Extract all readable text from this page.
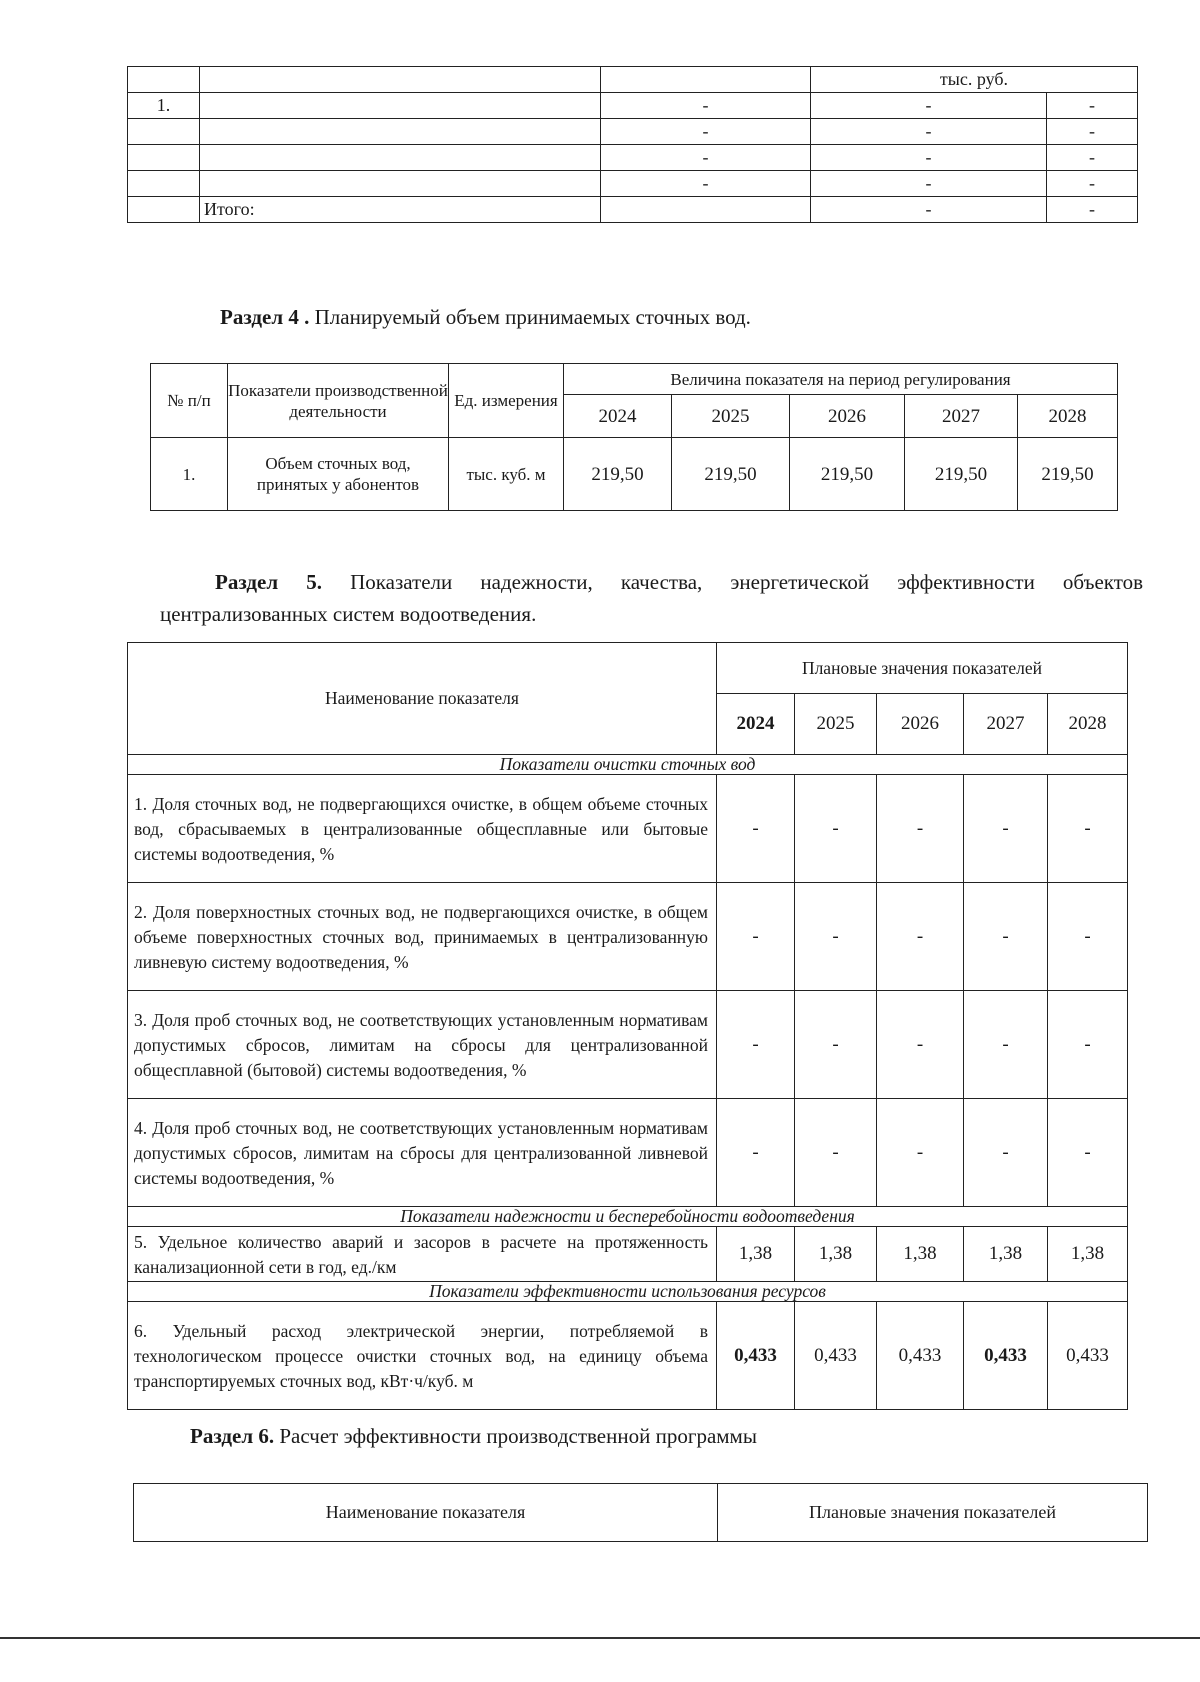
			тыс. руб.	
1.		-	-	-
		-	-	-
		-	-	-
		-	-	-
	Итого:		-	-
Раздел 4 . Планируемый объем принимаемых сточных вод.
№ п/п	Показатели производственной деятельности	Ед. измерения	Величина показателя на период регулирования				
			2024	2025	2026	2027	2028
1.	Объем сточных вод, принятых у абонентов	тыс. куб. м	219,50	219,50	219,50	219,50	219,50
Раздел 5. Показатели надежности, качества, энергетической эффективности объектов централизованных систем водоотведения.
Наименование показателя	Плановые значения показателей				
	2024	2025	2026	2027	2028
Показатели очистки сточных вод					
1. Доля сточных вод, не подвергающихся очистке, в общем объеме сточных вод, сбрасываемых в централизованные общесплавные или бытовые системы водоотведения, %	-	-	-	-	-
2. Доля поверхностных сточных вод, не подвергающихся очистке, в общем объеме поверхностных сточных вод, принимаемых в централизованную ливневую систему водоотведения, %	-	-	-	-	-
3. Доля проб сточных вод, не соответствующих установленным нормативам допустимых сбросов, лимитам на сбросы для централизованной общесплавной (бытовой) системы водоотведения, %	-	-	-	-	-
4. Доля проб сточных вод, не соответствующих установленным нормативам допустимых сбросов, лимитам на сбросы для централизованной ливневой системы водоотведения, %	-	-	-	-	-
Показатели надежности и бесперебойности водоотведения					
5. Удельное количество аварий и засоров в расчете на протяженность канализационной сети в год, ед./км	1,38	1,38	1,38	1,38	1,38
Показатели эффективности использования ресурсов					
6. Удельный расход электрической энергии, потребляемой в технологическом процессе очистки сточных вод, на единицу объема транспортируемых сточных вод, кВт·ч/куб. м	0,433	0,433	0,433	0,433	0,433
Раздел 6. Расчет эффективности производственной программы
Наименование показателя	Плановые значения показателей
